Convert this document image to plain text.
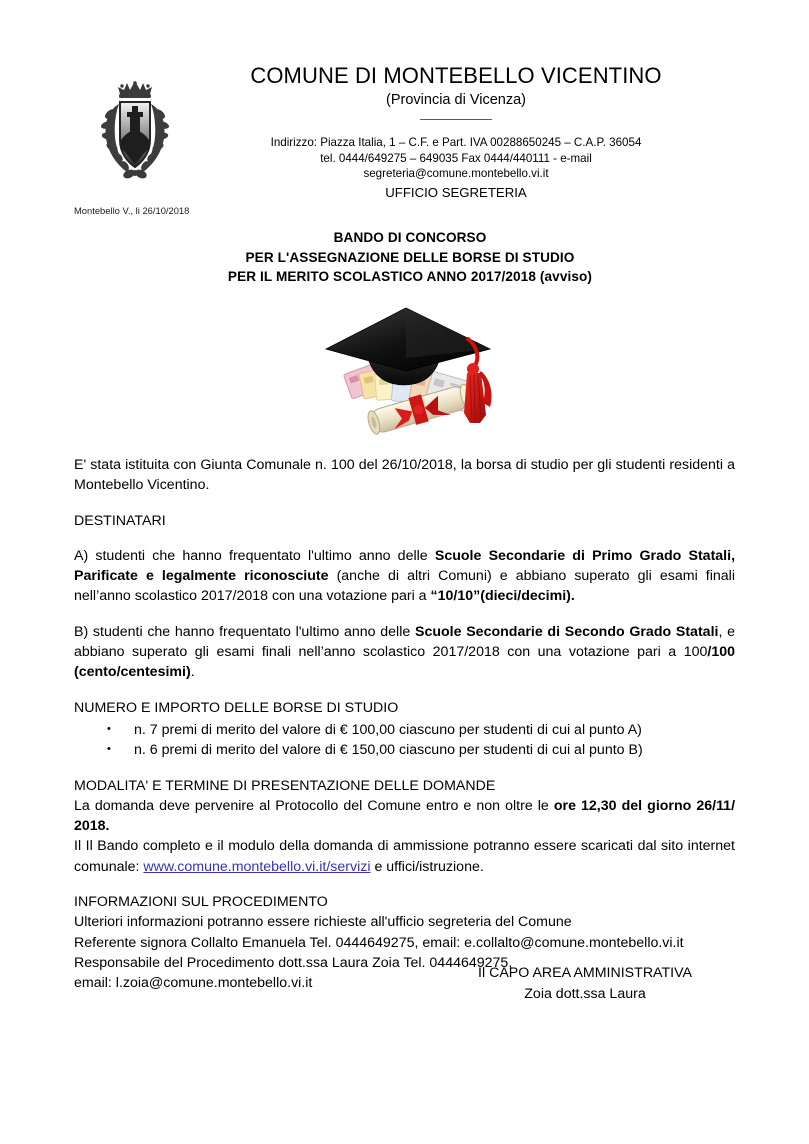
COMUNE DI MONTEBELLO VICENTINO
(Provincia di Vicenza)
Indirizzo: Piazza Italia, 1 – C.F. e Part. IVA 00288650245 – C.A.P. 36054
tel. 0444/649275 – 649035 Fax 0444/440111 - e-mail
segreteria@comune.montebello.vi.it
UFFICIO SEGRETERIA
Montebello V., li 26/10/2018
BANDO DI CONCORSO
PER L'ASSEGNAZIONE DELLE BORSE DI STUDIO
PER IL MERITO SCOLASTICO ANNO 2017/2018 (avviso)

E' stata istituita con Giunta Comunale n. 100 del 26/10/2018, la borsa di studio per gli studenti residenti a Montebello Vicentino.

DESTINATARI

A) studenti che hanno frequentato l'ultimo anno delle Scuole Secondarie di Primo Grado Statali, Parificate e legalmente riconosciute (anche di altri Comuni) e abbiano superato gli esami finali nell’anno scolastico 2017/2018 con una votazione pari a “10/10”(dieci/decimi).

B) studenti che hanno frequentato l'ultimo anno delle Scuole Secondarie di Secondo Grado Statali, e abbiano superato gli esami finali nell’anno scolastico 2017/2018 con una votazione pari a 100/100 (cento/centesimi).

NUMERO E IMPORTO DELLE BORSE DI STUDIO
• n. 7 premi di merito del valore di € 100,00 ciascuno per studenti di cui al punto A)
• n. 6 premi di merito del valore di € 150,00 ciascuno per studenti di cui al punto B)
MODALITA' E TERMINE DI PRESENTAZIONE DELLE DOMANDE
La domanda deve pervenire al Protocollo del Comune entro e non oltre le ore 12,30 del giorno 26/11/ 2018.
Il Il Bando completo e il modulo della domanda di ammissione potranno essere scaricati dal sito internet comunale: www.comune.montebello.vi.it/servizi e uffici/istruzione.
INFORMAZIONI SUL PROCEDIMENTO
Ulteriori informazioni potranno essere richieste all'ufficio segreteria del Comune
Referente signora Collalto Emanuela Tel. 0444649275, email: e.collalto@comune.montebello.vi.it
Responsabile del Procedimento dott.ssa Laura Zoia Tel. 0444649275,
email: l.zoia@comune.montebello.vi.it
Il CAPO AREA AMMINISTRATIVA
Zoia dott.ssa Laura
